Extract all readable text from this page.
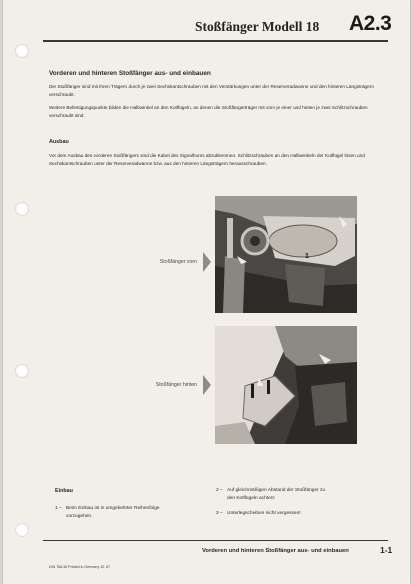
Stoßfänger Modell 18 A2.3
Vorderen und hinteren Stoßfänger aus- und einbauen

Die Stoßfänger sind mit ihren Trägern durch je zwei Sechskantschrauben mit den Verstärkungen unter der Reserveradwanne und den hinteren Längsträgern verschraubt.

Weitere Befestigungspunkte bilden die Halbwinkel an den Kotflügeln, an denen die Stoßfängerträger mit vorn je einer und hinten je zwei Schlitzschrauben verschraubt sind.

Ausbau

Vor dem Ausbau des vorderen Stoßfängers sind die Kabel des Signalhorns abzuklemmen. Schlitzschrauben an den Halbwinkeln der Kotflügel lösen und Sechskantschrauben unter der Reserveradwanne bzw. aus den hinteren Längsträgern herausschrauben.

1
Stoßfänger vorn
Stoßfänger hinten
Einbau
1 – Beim Einbau ist in umgekehrter Reihenfolge
vorzugehen.
2 – Auf gleichmäßigen Abstand der Stoßfänger zu
den Kotflügeln achten!
3 – Unterlegscheiben nicht vergessen!
Vorderen und hinteren Stoßfänger aus- und einbauen	1-1
DIN 768.36 Printed in Germany 10. 67
